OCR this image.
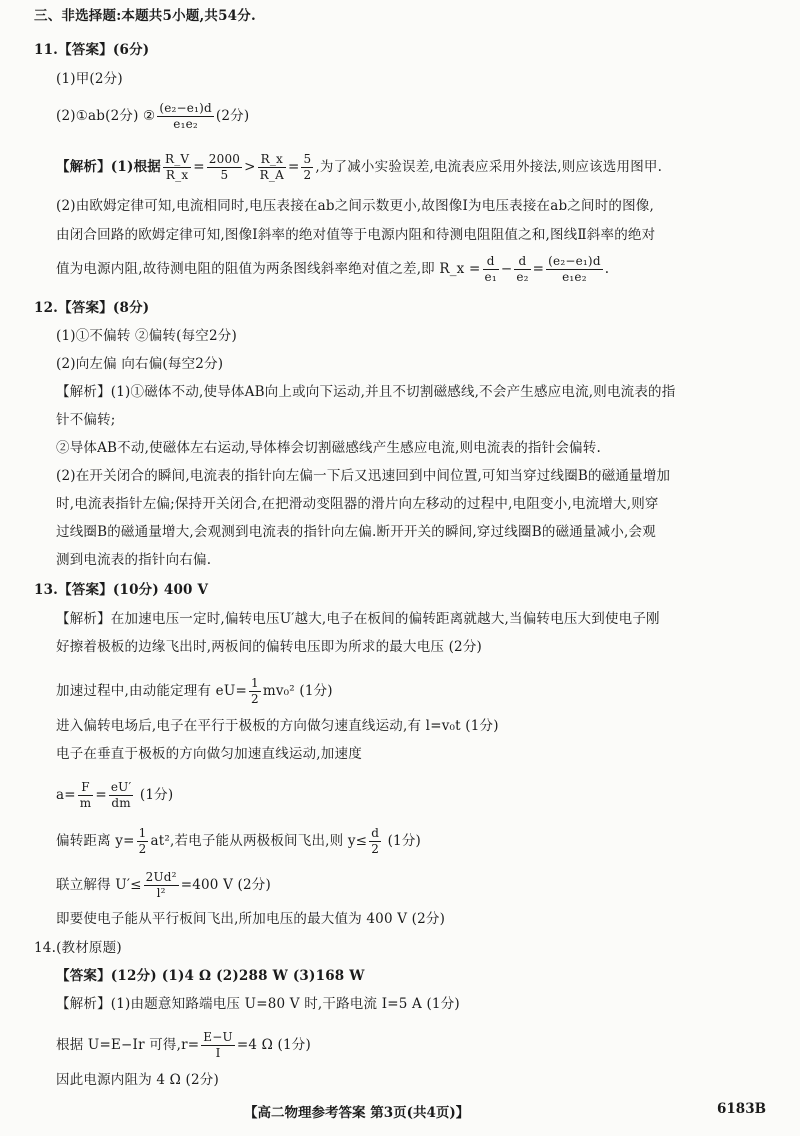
三、非选择题:本题共5小题,共54分.
11.【答案】(6分)
(1)甲(2分)
(2)①ab(2分) ② $\frac{\text{(e₂−e₁)d}}{\text{e₁e₂}} (2$分)
【解析】(1)根据 $\frac{R\_V}{R\_x} = \frac{2000}{5} > \frac{R\_x}{R\_A} = \frac{5}{2}$ ,为了减小实验误差,电流表应采用外接法,则应该选用图甲.
(2)由欧姆定律可知,电流相同时,电压表接在ab之间示数更小,故图像Ⅰ为电压表接在ab之间时的图像,
由闭合回路的欧姆定律可知,图像Ⅰ斜率的绝对值等于电源内阻和待测电阻阻值之和,图线Ⅱ斜率的绝对
值为电源内阻,故待测电阻的阻值为两条图线斜率绝对值之差,即 R_x = $\frac{d}{\text{e₁}} - \frac{d}{\text{e₂}} = \frac{\text{(e₂−e₁)d}}{\text{e₁e₂}}$ .
12.【答案】(8分)
(1)①不偏转 ②偏转(每空2分)
(2)向左偏 向右偏(每空2分)
【解析】(1)①磁体不动,使导体AB向上或向下运动,并且不切割磁感线,不会产生感应电流,则电流表的指
针不偏转;
②导体AB不动,使磁体左右运动,导体棒会切割磁感线产生感应电流,则电流表的指针会偏转.
(2)在开关闭合的瞬间,电流表的指针向左偏一下后又迅速回到中间位置,可知当穿过线圈B的磁通量增加
时,电流表指针左偏;保持开关闭合,在把滑动变阻器的滑片向左移动的过程中,电阻变小,电流增大,则穿
过线圈B的磁通量增大,会观测到电流表的指针向左偏.断开开关的瞬间,穿过线圈B的磁通量减小,会观
测到电流表的指针向右偏.
13.【答案】(10分) 400 V
【解析】在加速电压一定时,偏转电压U′越大,电子在板间的偏转距离就越大,当偏转电压大到使电子刚
好擦着极板的边缘飞出时,两板间的偏转电压即为所求的最大电压 (2分)
加速过程中,由动能定理有 $eU= \frac{1}{2} mv_0^2$ (1分)
进入偏转电场后,电子在平行于极板的方向做匀速直线运动,有 l=v₀t (1分)
电子在垂直于极板的方向做匀加速直线运动,加速度
$a= \frac{F}{m} = \frac{eU'}{dm} (1$分)
偏转距离 $y= \frac{1}{2} at^2$,若电子能从两极板间飞出,则 $y\le \frac{d}{2} (1$分)
联立解得 $U'\le \frac{\text{2Ud²}}{\text{l²}} =400$ V (2分)
即要使电子能从平行板间飞出,所加电压的最大值为 400 V (2分)
14.(教材原题)
【答案】(12分) (1)4 Ω (2)288 W (3)168 W
【解析】(1)由题意知路端电压 U=80 V 时,干路电流 I=5 A (1分)
根据 U=E−Ir 可得$,r= \frac{E-U}{I} =4$ Ω (1分)
因此电源内阻为 4 Ω (2分)
【高二物理参考答案 第3页(共4页)】	6183B
